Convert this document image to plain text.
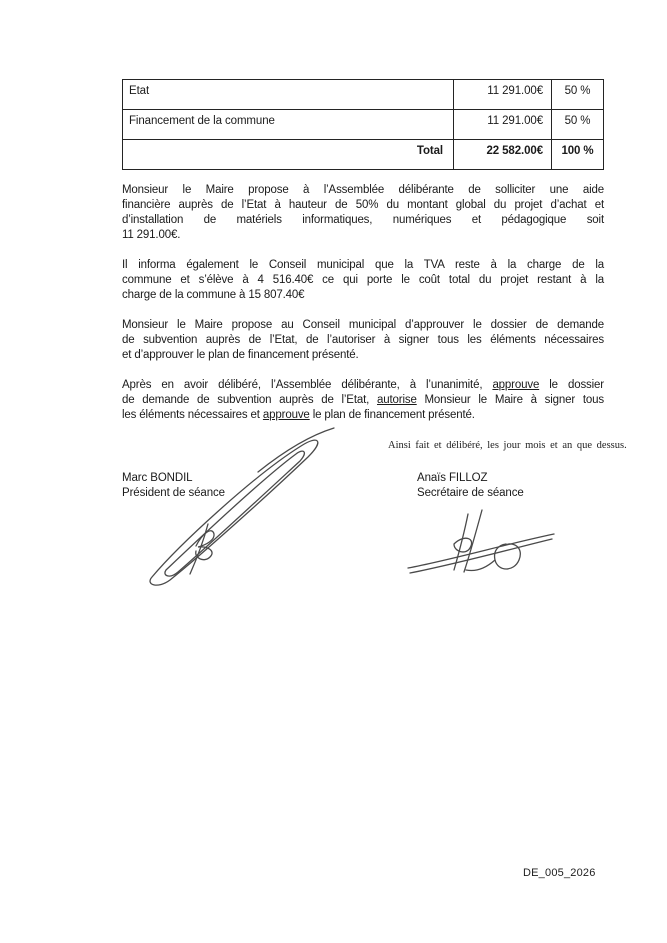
Etat	11 291.00€	50 %
Financement de la commune	11 291.00€	50 %
Total	22 582.00€	100 %
Monsieur le Maire propose à l’Assemblée délibérante de solliciter une aide
financière auprès de l’Etat à hauteur de 50% du montant global du projet d’achat et
d’installation de matériels informatiques, numériques et pédagogique soit
11 291.00€.
Il informa également le Conseil municipal que la TVA reste à la charge de la
commune et s’élève à 4 516.40€ ce qui porte le coût total du projet restant à la
charge de la commune à 15 807.40€
Monsieur le Maire propose au Conseil municipal d’approuver le dossier de demande
de subvention auprès de l’Etat, de l’autoriser à signer tous les éléments nécessaires
et d’approuver le plan de financement présenté.
Après en avoir délibéré, l’Assemblée délibérante, à l’unanimité, approuve le dossier
de demande de subvention auprès de l’Etat, autorise Monsieur le Maire à signer tous
les éléments nécessaires et approuve le plan de financement présenté.
Ainsi fait et délibéré, les jour mois et an que dessus.
Marc BONDIL
Président de séance
Anaïs FILLOZ
Secrétaire de séance
DE_005_2026
